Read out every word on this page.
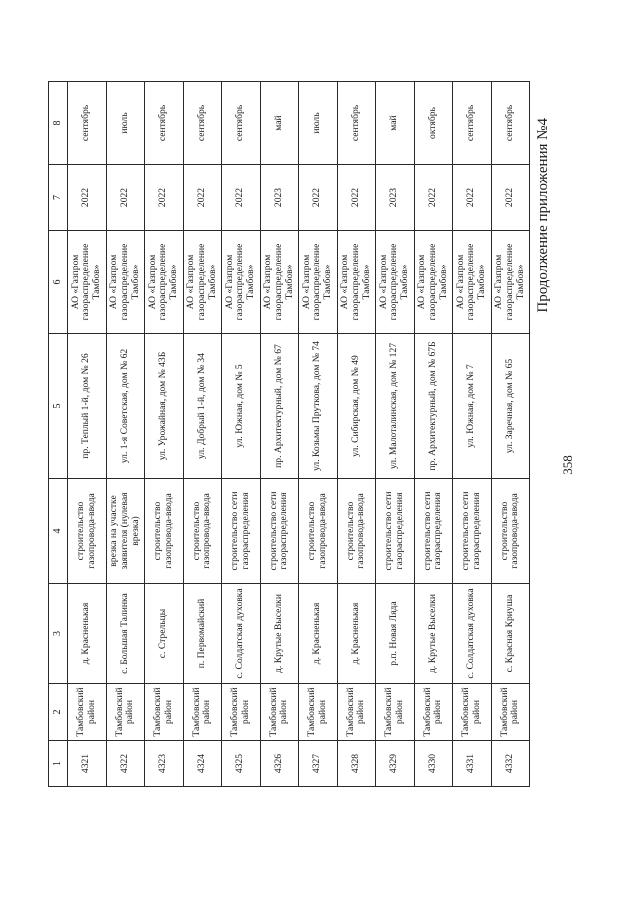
358
Продолжение приложения №4
1	2	3	4	5	6	7	8
4321	Тамбовский район	д. Красненькая	строительство газопровода-ввода	пр. Теплый 1-й, дом № 26	АО «Газпром газораспределение Тамбов»	2022	сентябрь
4322	Тамбовский район	с. Большая Талинка	врезка на участке заявителя (нулевая врезка)	ул. 1-я Советская, дом № 62	АО «Газпром газораспределение Тамбов»	2022	июль
4323	Тамбовский район	с. Стрельцы	строительство газопровода-ввода	ул. Урожайная, дом № 43Б	АО «Газпром газораспределение Тамбов»	2022	сентябрь
4324	Тамбовский район	п. Первомайский	строительство газопровода-ввода	ул. Добрый 1-й, дом № 34	АО «Газпром газораспределение Тамбов»	2022	сентябрь
4325	Тамбовский район	с. Солдатская духовка	строительство сети газораспределения	ул. Южная, дом № 5	АО «Газпром газораспределение Тамбов»	2022	сентябрь
4326	Тамбовский район	д. Крутые Выселки	строительство сети газораспределения	пр. Архитектурный, дом № 67	АО «Газпром газораспределение Тамбов»	2023	май
4327	Тамбовский район	д. Красненькая	строительство газопровода-ввода	ул. Козьмы Пруткова, дом № 74	АО «Газпром газораспределение Тамбов»	2022	июль
4328	Тамбовский район	д. Красненькая	строительство газопровода-ввода	ул. Сибирская, дом № 49	АО «Газпром газораспределение Тамбов»	2022	сентябрь
4329	Тамбовский район	р.п. Новая Ляда	строительство сети газораспределения	ул. Малоталинская, дом № 127	АО «Газпром газораспределение Тамбов»	2023	май
4330	Тамбовский район	д. Крутые Выселки	строительство сети газораспределения	пр. Архитектурный, дом № 67Б	АО «Газпром газораспределение Тамбов»	2022	октябрь
4331	Тамбовский район	с. Солдатская духовка	строительство сети газораспределения	ул. Южная, дом № 7	АО «Газпром газораспределение Тамбов»	2022	сентябрь
4332	Тамбовский район	с. Красная Криуша	строительство газопровода-ввода	ул. Заречная, дом № 65	АО «Газпром газораспределение Тамбов»	2022	сентябрь
